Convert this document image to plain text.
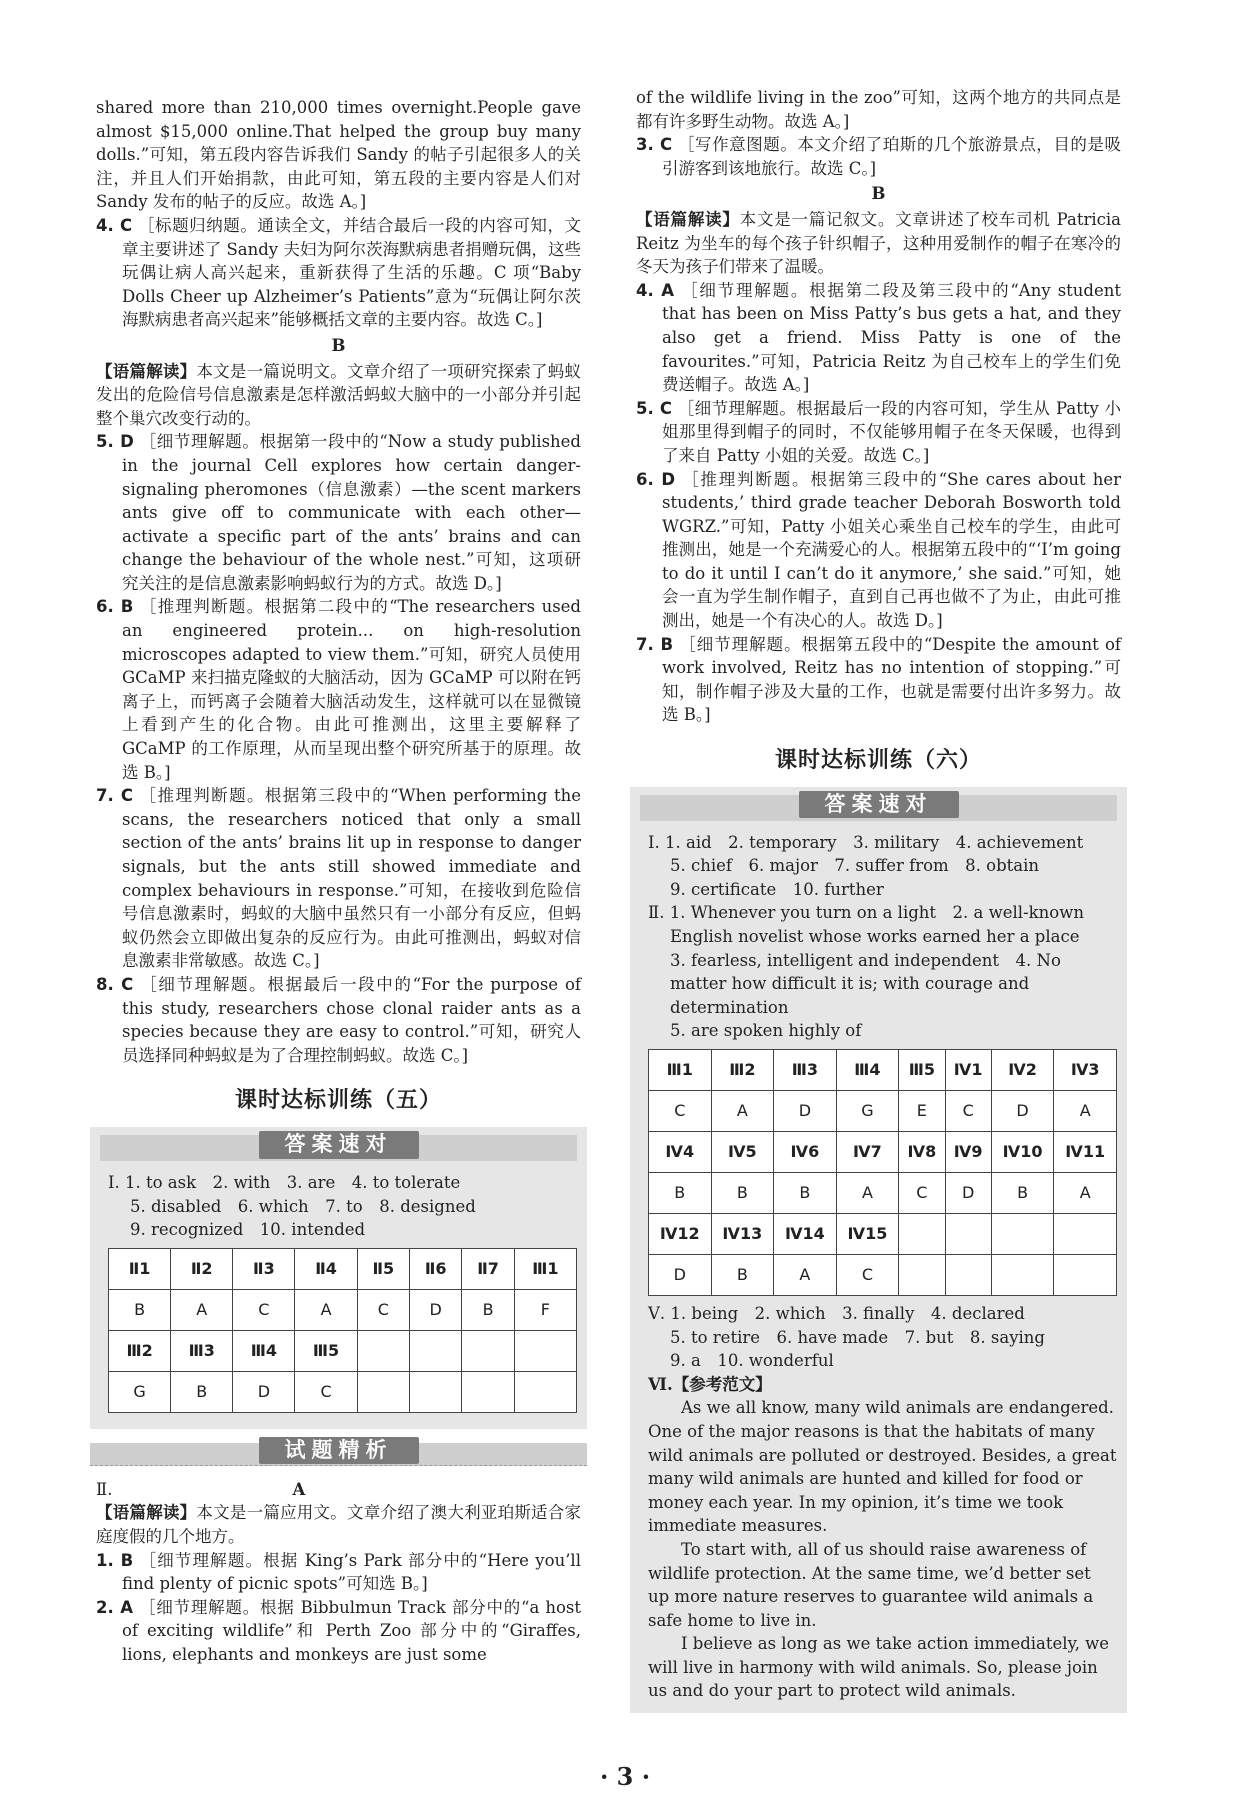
shared more than 210,000 times overnight.People gave almost $15,000 online.That helped the group buy many dolls.”可知，第五段内容告诉我们 Sandy 的帖子引起很多人的关注，并且人们开始捐款，由此可知，第五段的主要内容是人们对 Sandy 发布的帖子的反应。故选 A。]

4. C ［标题归纳题。通读全文，并结合最后一段的内容可知，文章主要讲述了 Sandy 夫妇为阿尔茨海默病患者捐赠玩偶，这些玩偶让病人高兴起来，重新获得了生活的乐趣。C 项“Baby Dolls Cheer up Alzheimer’s Patients”意为“玩偶让阿尔茨海默病患者高兴起来”能够概括文章的主要内容。故选 C。]

B

【语篇解读】本文是一篇说明文。文章介绍了一项研究探索了蚂蚁发出的危险信号信息激素是怎样激活蚂蚁大脑中的一小部分并引起整个巢穴改变行动的。

5. D ［细节理解题。根据第一段中的“Now a study published in the journal Cell explores how certain danger-signaling pheromones（信息激素）—the scent markers ants give off to communicate with each other—activate a specific part of the ants’ brains and can change the behaviour of the whole nest.”可知，这项研究关注的是信息激素影响蚂蚁行为的方式。故选 D。]

6. B ［推理判断题。根据第二段中的“The researchers used an engineered protein... on high-resolution microscopes adapted to view them.”可知，研究人员使用 GCaMP 来扫描克隆蚁的大脑活动，因为 GCaMP 可以附在钙离子上，而钙离子会随着大脑活动发生，这样就可以在显微镜上看到产生的化合物。由此可推测出，这里主要解释了 GCaMP 的工作原理，从而呈现出整个研究所基于的原理。故选 B。]

7. C ［推理判断题。根据第三段中的“When performing the scans, the researchers noticed that only a small section of the ants’ brains lit up in response to danger signals, but the ants still showed immediate and complex behaviours in response.”可知，在接收到危险信号信息激素时，蚂蚁的大脑中虽然只有一小部分有反应，但蚂蚁仍然会立即做出复杂的反应行为。由此可推测出，蚂蚁对信息激素非常敏感。故选 C。]

8. C ［细节理解题。根据最后一段中的“For the purpose of this study, researchers chose clonal raider ants as a species because they are easy to control.”可知，研究人员选择同种蚂蚁是为了合理控制蚂蚁。故选 C。]

课时达标训练（五）
答案速对

Ⅰ. 1. to ask　2. with　3. are　4. to tolerate

5. disabled　6. which　7. to　8. designed

9. recognized　10. intended

Ⅱ1	Ⅱ2	Ⅱ3	Ⅱ4	Ⅱ5	Ⅱ6	Ⅱ7	Ⅲ1
B	A	C	A	C	D	B	F
Ⅲ2	Ⅲ3	Ⅲ4	Ⅲ5				
G	B	D	C				
试题精析

Ⅱ.	A

【语篇解读】本文是一篇应用文。文章介绍了澳大利亚珀斯适合家庭度假的几个地方。

1. B ［细节理解题。根据 King’s Park 部分中的“Here you’ll find plenty of picnic spots”可知选 B。]

2. A ［细节理解题。根据 Bibbulmun Track 部分中的“a host of exciting wildlife”和 Perth Zoo 部分中的“Giraffes, lions, elephants and monkeys are just some

of the wildlife living in the zoo”可知，这两个地方的共同点是都有许多野生动物。故选 A。]

3. C ［写作意图题。本文介绍了珀斯的几个旅游景点，目的是吸引游客到该地旅行。故选 C。]

B

【语篇解读】本文是一篇记叙文。文章讲述了校车司机 Patricia Reitz 为坐车的每个孩子针织帽子，这种用爱制作的帽子在寒冷的冬天为孩子们带来了温暖。

4. A ［细节理解题。根据第二段及第三段中的“Any student that has been on Miss Patty’s bus gets a hat, and they also get a friend. Miss Patty is one of the favourites.”可知，Patricia Reitz 为自己校车上的学生们免费送帽子。故选 A。]

5. C ［细节理解题。根据最后一段的内容可知，学生从 Patty 小姐那里得到帽子的同时，不仅能够用帽子在冬天保暖，也得到了来自 Patty 小姐的关爱。故选 C。]

6. D ［推理判断题。根据第三段中的“She cares about her students,’ third grade teacher Deborah Bosworth told WGRZ.”可知，Patty 小姐关心乘坐自己校车的学生，由此可推测出，她是一个充满爱心的人。根据第五段中的“‘I’m going to do it until I can’t do it anymore,’ she said.”可知，她会一直为学生制作帽子，直到自己再也做不了为止，由此可推测出，她是一个有决心的人。故选 D。]

7. B ［细节理解题。根据第五段中的“Despite the amount of work involved, Reitz has no intention of stopping.”可知，制作帽子涉及大量的工作，也就是需要付出许多努力。故选 B。]

课时达标训练（六）
答案速对

Ⅰ. 1. aid　2. temporary　3. military　4. achievement

5. chief　6. major　7. suffer from　8. obtain

9. certificate　10. further

Ⅱ. 1. Whenever you turn on a light　2. a well-known English novelist whose works earned her a place

3. fearless, intelligent and independent　4. No matter how difficult it is; with courage and determination

5. are spoken highly of

Ⅲ1	Ⅲ2	Ⅲ3	Ⅲ4	Ⅲ5	Ⅳ1	Ⅳ2	Ⅳ3
C	A	D	G	E	C	D	A
Ⅳ4	Ⅳ5	Ⅳ6	Ⅳ7	Ⅳ8	Ⅳ9	Ⅳ10	Ⅳ11
B	B	B	A	C	D	B	A
Ⅳ12	Ⅳ13	Ⅳ14	Ⅳ15				
D	B	A	C				

Ⅴ. 1. being　2. which　3. finally　4. declared

5. to retire　6. have made　7. but　8. saying

9. a　10. wonderful

Ⅵ.【参考范文】

As we all know, many wild animals are endangered. One of the major reasons is that the habitats of many wild animals are polluted or destroyed. Besides, a great many wild animals are hunted and killed for food or money each year. In my opinion, it’s time we took immediate measures.

To start with, all of us should raise awareness of wildlife protection. At the same time, we’d better set up more nature reserves to guarantee wild animals a safe home to live in.

I believe as long as we take action immediately, we will live in harmony with wild animals. So, please join us and do your part to protect wild animals.

· 3 ·
